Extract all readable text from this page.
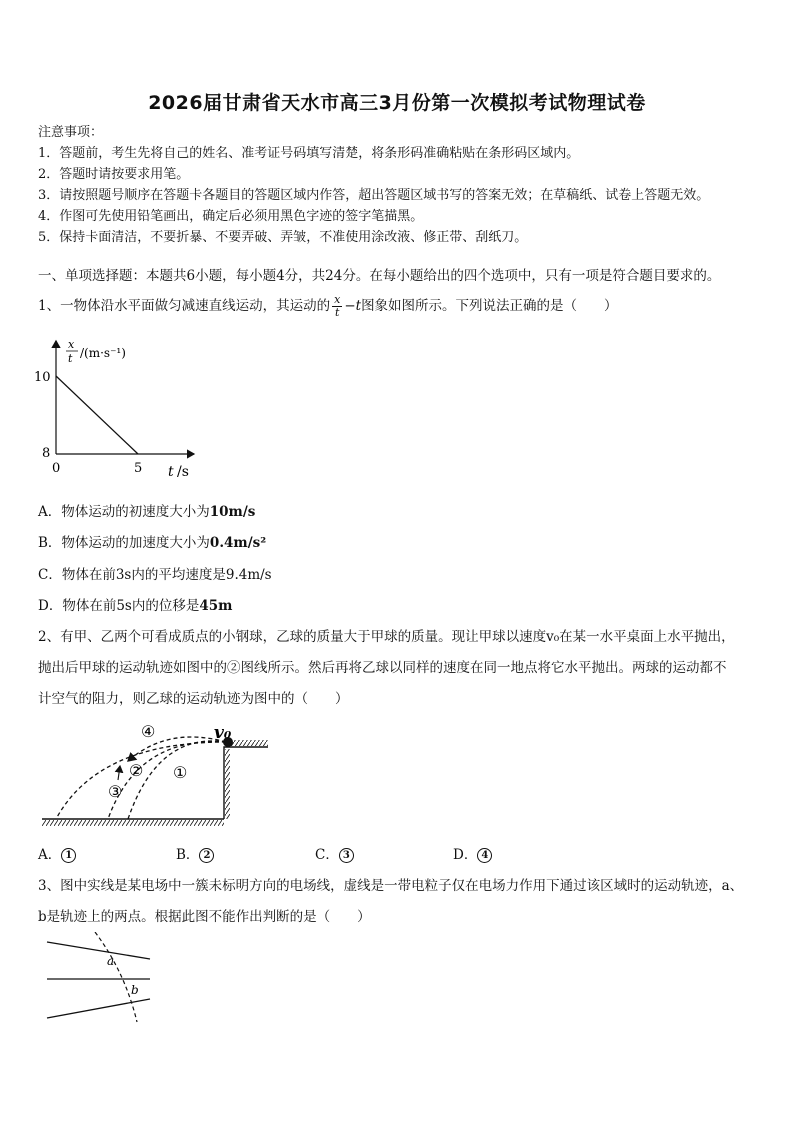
2026届甘肃省天水市高三3月份第一次模拟考试物理试卷
注意事项：
1．答题前，考生先将自己的姓名、准考证号码填写清楚，将条形码准确粘贴在条形码区域内。
2．答题时请按要求用笔。
3．请按照题号顺序在答题卡各题目的答题区域内作答，超出答题区域书写的答案无效；在草稿纸、试卷上答题无效。
4．作图可先使用铅笔画出，确定后必须用黑色字迹的签字笔描黑。
5．保持卡面清洁，不要折暴、不要弄破、弄皱，不准使用涂改液、修正带、刮纸刀。
一、单项选择题：本题共6小题，每小题4分，共24分。在每小题给出的四个选项中，只有一项是符合题目要求的。
1、一物体沿水平面做匀减速直线运动，其运动的 $\frac{x}{t} -t$图象如图所示。下列说法正确的是（　　）
x
t /(m·s⁻¹)
10
8
0	5 t /s
A．物体运动的初速度大小为10m/s
B．物体运动的加速度大小为0.4m/s²
C．物体在前3s内的平均速度是9.4m/s
D．物体在前5s内的位移是45m
2、有甲、乙两个可看成质点的小钢球，乙球的质量大于甲球的质量。现让甲球以速度v₀在某一水平桌面上水平抛出，
抛出后甲球的运动轨迹如图中的②图线所示。然后再将乙球以同样的速度在同一地点将它水平抛出。两球的运动都不
计空气的阻力，则乙球的运动轨迹为图中的（　　）
v₀
④
② ①
③
A． 1	B． 2	C． 3	D． 4
3、图中实线是某电场中一簇未标明方向的电场线，虚线是一带电粒子仅在电场力作用下通过该区域时的运动轨迹，a、
b是轨迹上的两点。根据此图不能作出判断的是（　　）
a
b
